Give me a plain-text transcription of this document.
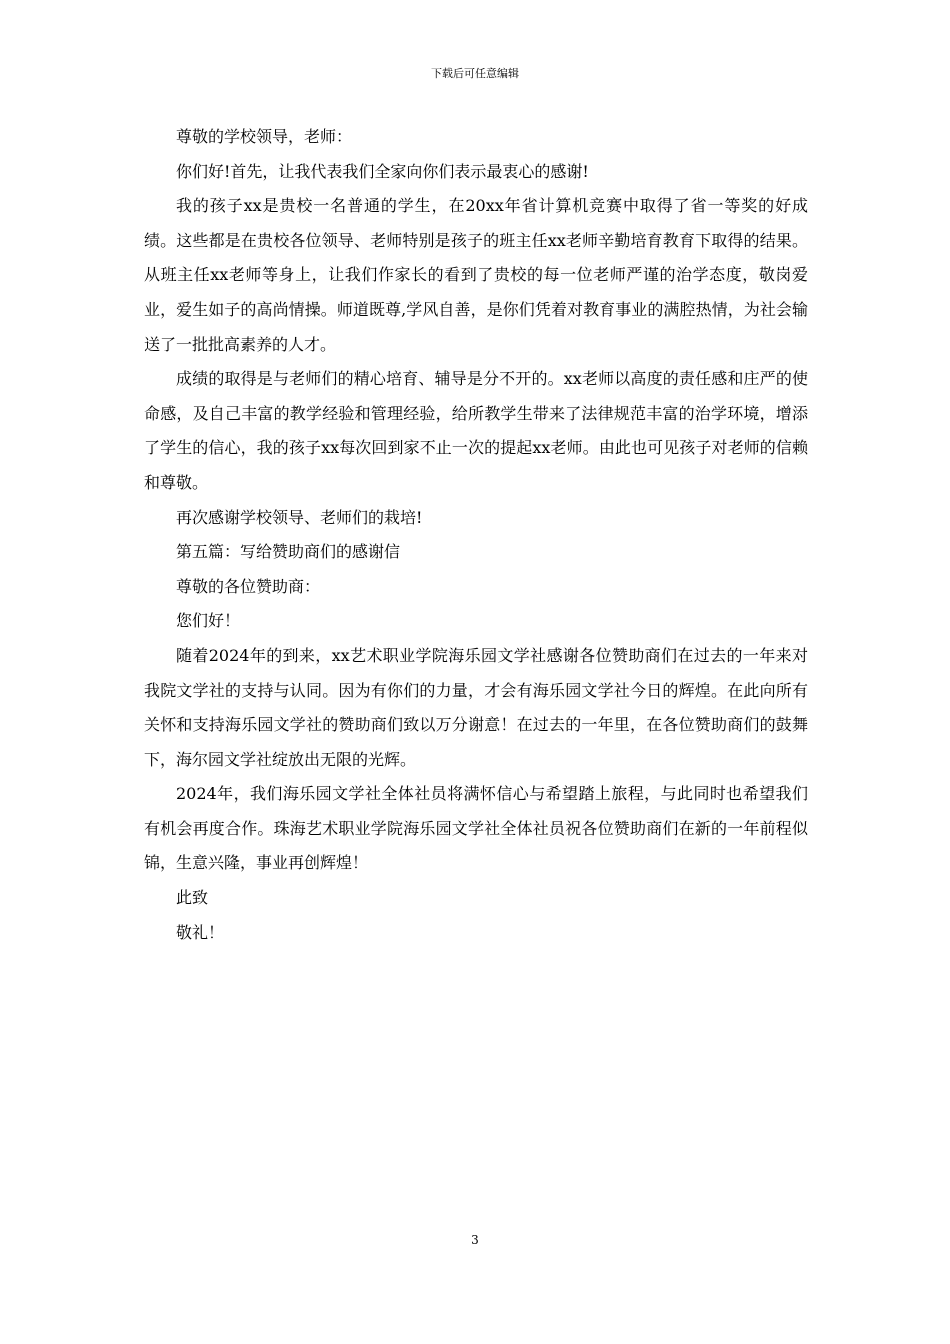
下载后可任意编辑

尊敬的学校领导，老师：

你们好!首先，让我代表我们全家向你们表示最衷心的感谢!

我的孩子xx是贵校一名普通的学生，在20xx年省计算机竞赛中取得了省一等奖的好成绩。这些都是在贵校各位领导、老师特别是孩子的班主任xx老师辛勤培育教育下取得的结果。从班主任xx老师等身上，让我们作家长的看到了贵校的每一位老师严谨的治学态度，敬岗爱业，爱生如子的高尚情操。师道既尊,学风自善，是你们凭着对教育事业的满腔热情，为社会输送了一批批高素养的人才。

成绩的取得是与老师们的精心培育、辅导是分不开的。xx老师以高度的责任感和庄严的使命感，及自己丰富的教学经验和管理经验，给所教学生带来了法律规范丰富的治学环境，增添了学生的信心，我的孩子xx每次回到家不止一次的提起xx老师。由此也可见孩子对老师的信赖和尊敬。

再次感谢学校领导、老师们的栽培!

第五篇：写给赞助商们的感谢信

尊敬的各位赞助商：

您们好！

随着2024年的到来，xx艺术职业学院海乐园文学社感谢各位赞助商们在过去的一年来对我院文学社的支持与认同。因为有你们的力量，才会有海乐园文学社今日的辉煌。在此向所有关怀和支持海乐园文学社的赞助商们致以万分谢意！在过去的一年里，在各位赞助商们的鼓舞下，海尔园文学社绽放出无限的光辉。

2024年，我们海乐园文学社全体社员将满怀信心与希望踏上旅程，与此同时也希望我们有机会再度合作。珠海艺术职业学院海乐园文学社全体社员祝各位赞助商们在新的一年前程似锦，生意兴隆，事业再创辉煌！

此致

敬礼！

3
